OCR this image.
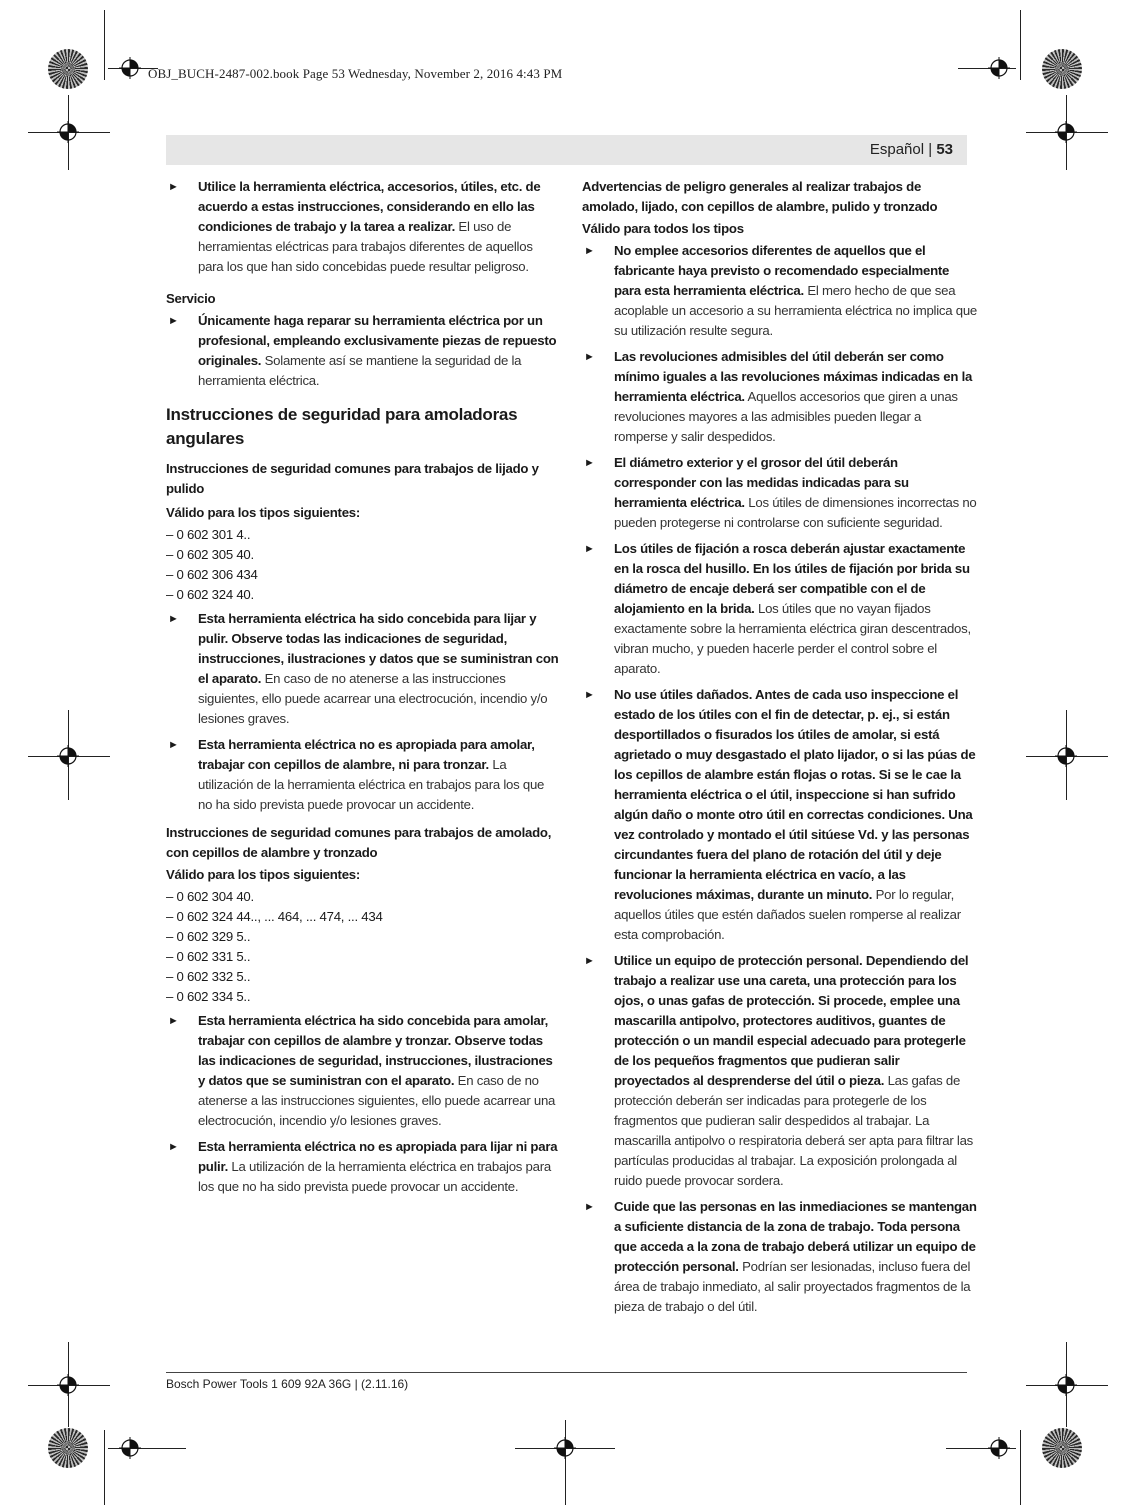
OBJ_BUCH-2487-002.book Page 53 Wednesday, November 2, 2016 4:43 PM
Español | 53
► Utilice la herramienta eléctrica, accesorios, útiles, etc. de acuerdo a estas instrucciones, considerando en ello las condiciones de trabajo y la tarea a realizar. El uso de herramientas eléctricas para trabajos diferentes de aquellos para los que han sido concebidas puede resultar peligroso.
Servicio
► Únicamente haga reparar su herramienta eléctrica por un profesional, empleando exclusivamente piezas de repuesto originales. Solamente así se mantiene la seguridad de la herramienta eléctrica.
Instrucciones de seguridad para amoladoras angulares
Instrucciones de seguridad comunes para trabajos de lijado y pulido
Válido para los tipos siguientes:
– 0 602 301 4..
– 0 602 305 40.
– 0 602 306 434
– 0 602 324 40.
► Esta herramienta eléctrica ha sido concebida para lijar y pulir. Observe todas las indicaciones de seguridad, instrucciones, ilustraciones y datos que se suministran con el aparato. En caso de no atenerse a las instrucciones siguientes, ello puede acarrear una electrocución, incendio y/o lesiones graves.
► Esta herramienta eléctrica no es apropiada para amolar, trabajar con cepillos de alambre, ni para tronzar. La utilización de la herramienta eléctrica en trabajos para los que no ha sido prevista puede provocar un accidente.
Instrucciones de seguridad comunes para trabajos de amolado, con cepillos de alambre y tronzado
Válido para los tipos siguientes:
– 0 602 304 40.
– 0 602 324 44.., ... 464, ... 474, ... 434
– 0 602 329 5..
– 0 602 331 5..
– 0 602 332 5..
– 0 602 334 5..
► Esta herramienta eléctrica ha sido concebida para amolar, trabajar con cepillos de alambre y tronzar. Observe todas las indicaciones de seguridad, instrucciones, ilustraciones y datos que se suministran con el aparato. En caso de no atenerse a las instrucciones siguientes, ello puede acarrear una electrocución, incendio y/o lesiones graves.
► Esta herramienta eléctrica no es apropiada para lijar ni para pulir. La utilización de la herramienta eléctrica en trabajos para los que no ha sido prevista puede provocar un accidente.
Advertencias de peligro generales al realizar trabajos de amolado, lijado, con cepillos de alambre, pulido y tronzado
Válido para todos los tipos
► No emplee accesorios diferentes de aquellos que el fabricante haya previsto o recomendado especialmente para esta herramienta eléctrica. El mero hecho de que sea acoplable un accesorio a su herramienta eléctrica no implica que su utilización resulte segura.
► Las revoluciones admisibles del útil deberán ser como mínimo iguales a las revoluciones máximas indicadas en la herramienta eléctrica. Aquellos accesorios que giren a unas revoluciones mayores a las admisibles pueden llegar a romperse y salir despedidos.
► El diámetro exterior y el grosor del útil deberán corresponder con las medidas indicadas para su herramienta eléctrica. Los útiles de dimensiones incorrectas no pueden protegerse ni controlarse con suficiente seguridad.
► Los útiles de fijación a rosca deberán ajustar exactamente en la rosca del husillo. En los útiles de fijación por brida su diámetro de encaje deberá ser compatible con el de alojamiento en la brida. Los útiles que no vayan fijados exactamente sobre la herramienta eléctrica giran descentrados, vibran mucho, y pueden hacerle perder el control sobre el aparato.
► No use útiles dañados. Antes de cada uso inspeccione el estado de los útiles con el fin de detectar, p. ej., si están desportillados o fisurados los útiles de amolar, si está agrietado o muy desgastado el plato lijador, o si las púas de los cepillos de alambre están flojas o rotas. Si se le cae la herramienta eléctrica o el útil, inspeccione si han sufrido algún daño o monte otro útil en correctas condiciones. Una vez controlado y montado el útil sitúese Vd. y las personas circundantes fuera del plano de rotación del útil y deje funcionar la herramienta eléctrica en vacío, a las revoluciones máximas, durante un minuto. Por lo regular, aquellos útiles que estén dañados suelen romperse al realizar esta comprobación.
► Utilice un equipo de protección personal. Dependiendo del trabajo a realizar use una careta, una protección para los ojos, o unas gafas de protección. Si procede, emplee una mascarilla antipolvo, protectores auditivos, guantes de protección o un mandil especial adecuado para protegerle de los pequeños fragmentos que pudieran salir proyectados al desprenderse del útil o pieza. Las gafas de protección deberán ser indicadas para protegerle de los fragmentos que pudieran salir despedidos al trabajar. La mascarilla antipolvo o respiratoria deberá ser apta para filtrar las partículas producidas al trabajar. La exposición prolongada al ruido puede provocar sordera.
► Cuide que las personas en las inmediaciones se mantengan a suficiente distancia de la zona de trabajo. Toda persona que acceda a la zona de trabajo deberá utilizar un equipo de protección personal. Podrían ser lesionadas, incluso fuera del área de trabajo inmediato, al salir proyectados fragmentos de la pieza de trabajo o del útil.
Bosch Power Tools 1 609 92A 36G | (2.11.16)
